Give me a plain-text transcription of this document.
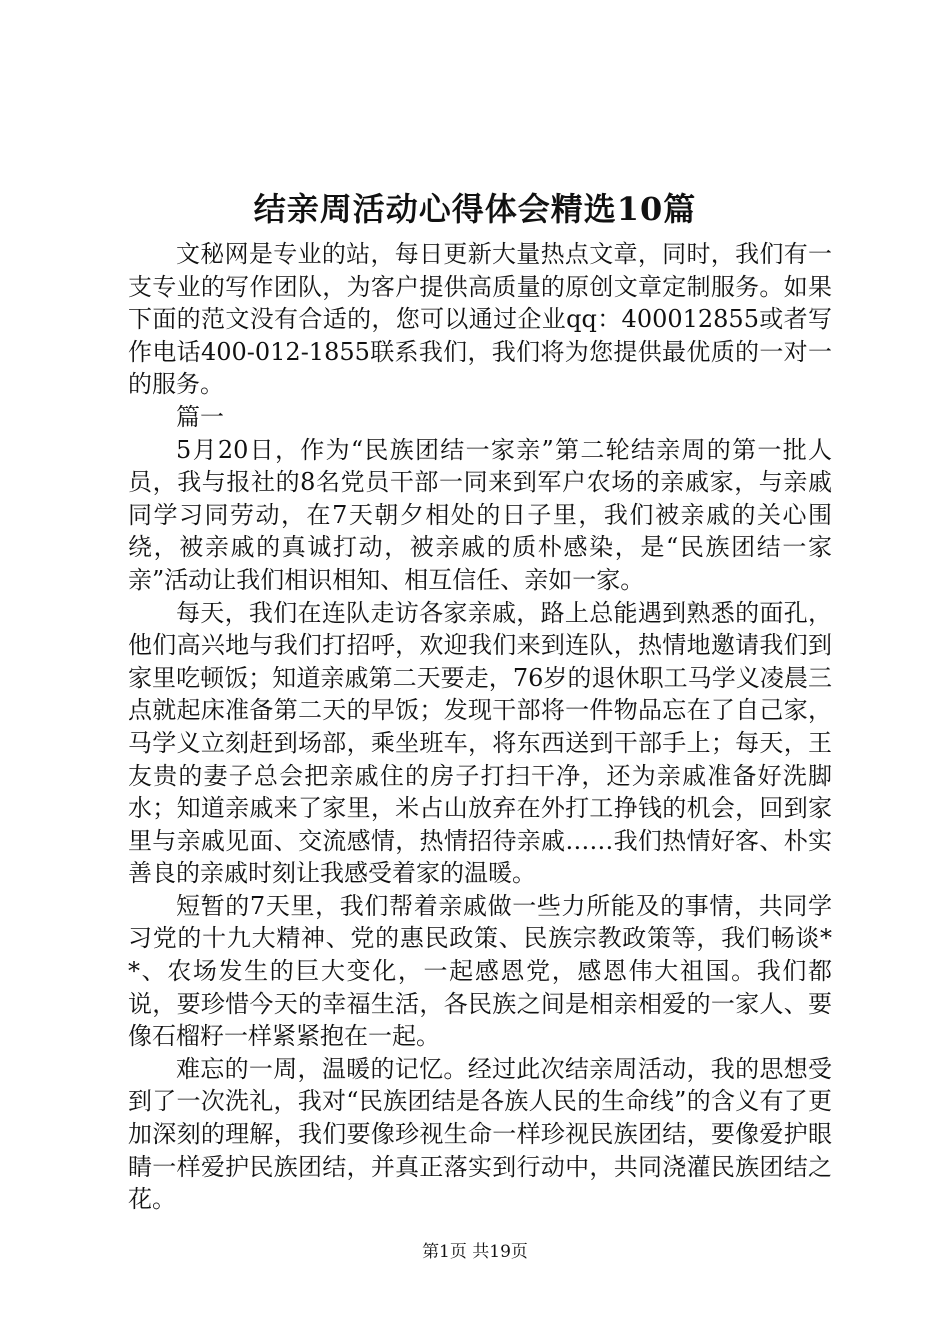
结亲周活动心得体会精选10篇

文秘网是专业的站，每日更新大量热点文章，同时，我们有一支专业的写作团队，为客户提供高质量的原创文章定制服务。如果下面的范文没有合适的，您可以通过企业qq：400012855或者写作电话400-012-1855联系我们，我们将为您提供最优质的一对一的服务。

篇一

5月20日，作为“民族团结一家亲”第二轮结亲周的第一批人员，我与报社的8名党员干部一同来到军户农场的亲戚家，与亲戚同学习同劳动，在7天朝夕相处的日子里，我们被亲戚的关心围绕，被亲戚的真诚打动，被亲戚的质朴感染，是“民族团结一家亲”活动让我们相识相知、相互信任、亲如一家。

每天，我们在连队走访各家亲戚，路上总能遇到熟悉的面孔，他们高兴地与我们打招呼，欢迎我们来到连队，热情地邀请我们到家里吃顿饭；知道亲戚第二天要走，76岁的退休职工马学义凌晨三点就起床准备第二天的早饭；发现干部将一件物品忘在了自己家，马学义立刻赶到场部，乘坐班车，将东西送到干部手上；每天，王友贵的妻子总会把亲戚住的房子打扫干净，还为亲戚准备好洗脚水；知道亲戚来了家里，米占山放弃在外打工挣钱的机会，回到家里与亲戚见面、交流感情，热情招待亲戚……我们热情好客、朴实善良的亲戚时刻让我感受着家的温暖。

短暂的7天里，我们帮着亲戚做一些力所能及的事情，共同学习党的十九大精神、党的惠民政策、民族宗教政策等，我们畅谈**、农场发生的巨大变化，一起感恩党，感恩伟大祖国。我们都说，要珍惜今天的幸福生活，各民族之间是相亲相爱的一家人、要像石榴籽一样紧紧抱在一起。

难忘的一周，温暖的记忆。经过此次结亲周活动，我的思想受到了一次洗礼，我对“民族团结是各族人民的生命线”的含义有了更加深刻的理解，我们要像珍视生命一样珍视民族团结，要像爱护眼睛一样爱护民族团结，并真正落实到行动中，共同浇灌民族团结之花。

第1页 共19页
